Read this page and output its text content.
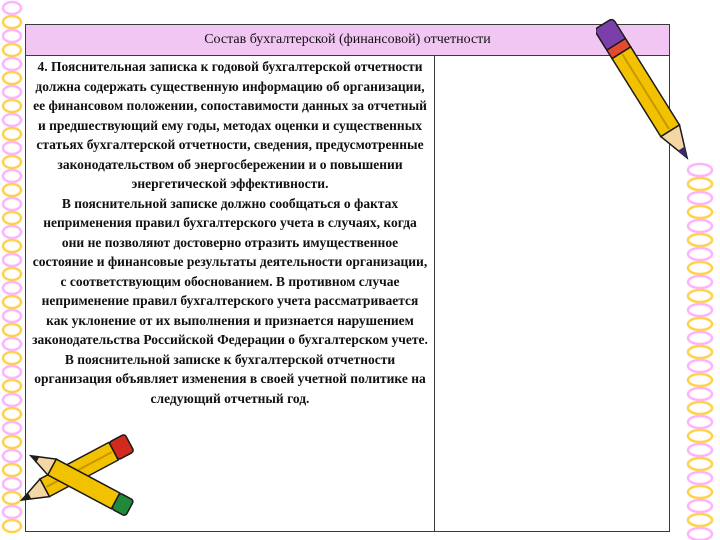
Состав бухгалтерской (финансовой) отчетности

4. Пояснительная записка к годовой бухгалтерской отчетности должна содержать существенную информацию об организации, ее финансовом положении, сопоставимости данных за отчетный и предшествующий ему годы, методах оценки и существенных статьях бухгалтерской отчетности, сведения, предусмотренные законодательством об энергосбережении и о повышении энергетической эффективности.

В пояснительной записке должно сообщаться о фактах неприменения правил бухгалтерского учета в случаях, когда они не позволяют достоверно отразить имущественное состояние и финансовые результаты деятельности организации, с соответствующим обоснованием. В противном случае неприменение правил бухгалтерского учета рассматривается как уклонение от их выполнения и признается нарушением законодательства Российской Федерации о бухгалтерском учете.

В пояснительной записке к бухгалтерской отчетности организация объявляет изменения в своей учетной политике на следующий отчетный год.
